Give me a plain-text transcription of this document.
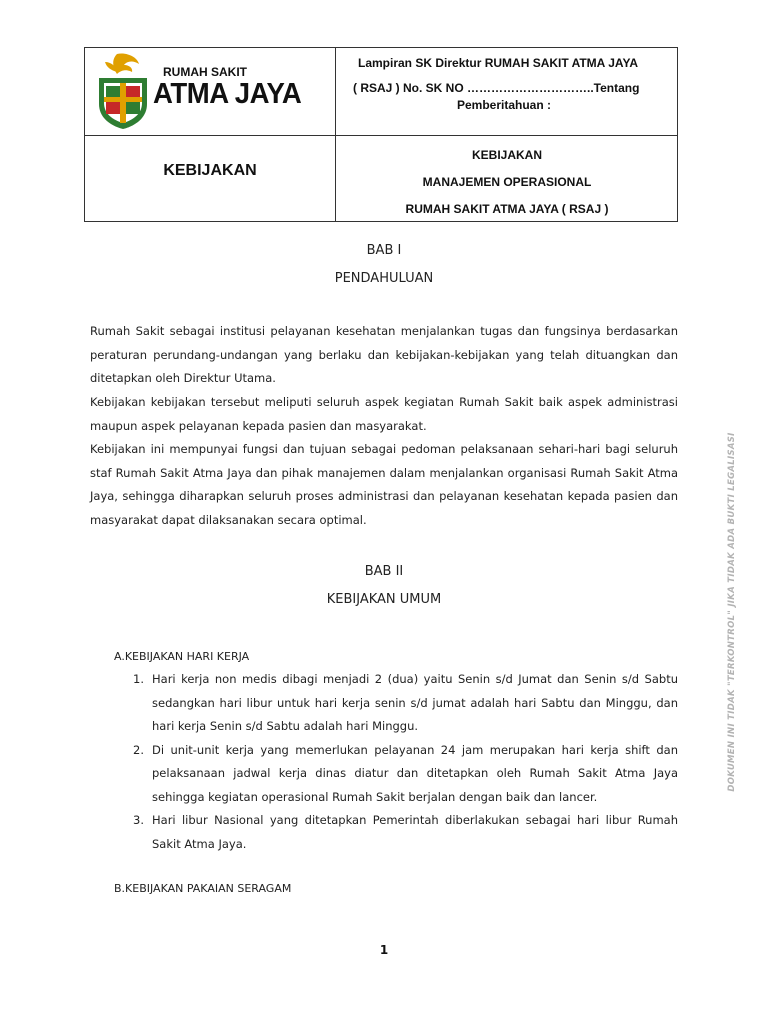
RUMAH SAKIT
ATMA JAYA
Lampiran SK Direktur RUMAH SAKIT ATMA JAYA
( RSAJ ) No. SK NO …………………………..Tentang
Pemberitahuan :
KEBIJAKAN
KEBIJAKAN
MANAJEMEN OPERASIONAL
RUMAH SAKIT ATMA JAYA ( RSAJ )
BAB I
PENDAHULUAN
Rumah Sakit sebagai institusi pelayanan kesehatan menjalankan tugas dan fungsinya berdasarkan peraturan perundang-undangan yang berlaku dan kebijakan-kebijakan yang telah dituangkan dan ditetapkan oleh Direktur Utama.
Kebijakan kebijakan tersebut meliputi seluruh aspek kegiatan Rumah Sakit baik aspek administrasi maupun aspek pelayanan kepada pasien dan masyarakat.
Kebijakan ini mempunyai fungsi dan tujuan sebagai pedoman pelaksanaan sehari-hari bagi seluruh staf Rumah Sakit Atma Jaya dan pihak manajemen dalam menjalankan organisasi Rumah Sakit Atma Jaya, sehingga diharapkan seluruh proses administrasi dan pelayanan kesehatan kepada pasien dan masyarakat dapat dilaksanakan secara optimal.
BAB II
KEBIJAKAN UMUM
A.KEBIJAKAN HARI KERJA
1. Hari kerja non medis dibagi menjadi 2 (dua) yaitu Senin s/d Jumat dan Senin s/d Sabtu sedangkan hari libur untuk hari kerja senin s/d jumat adalah hari Sabtu dan Minggu, dan hari kerja Senin s/d Sabtu adalah hari Minggu.
2. Di unit-unit kerja yang memerlukan pelayanan 24 jam merupakan hari kerja shift dan pelaksanaan jadwal kerja dinas diatur dan ditetapkan oleh Rumah Sakit Atma Jaya sehingga kegiatan operasional Rumah Sakit berjalan dengan baik dan lancer.
3. Hari libur Nasional yang ditetapkan Pemerintah diberlakukan sebagai hari libur Rumah Sakit Atma Jaya.
B.KEBIJAKAN PAKAIAN SERAGAM
DOKUMEN INI TIDAK "TERKONTROL" JIKA TIDAK ADA BUKTI LEGALISASI
1
